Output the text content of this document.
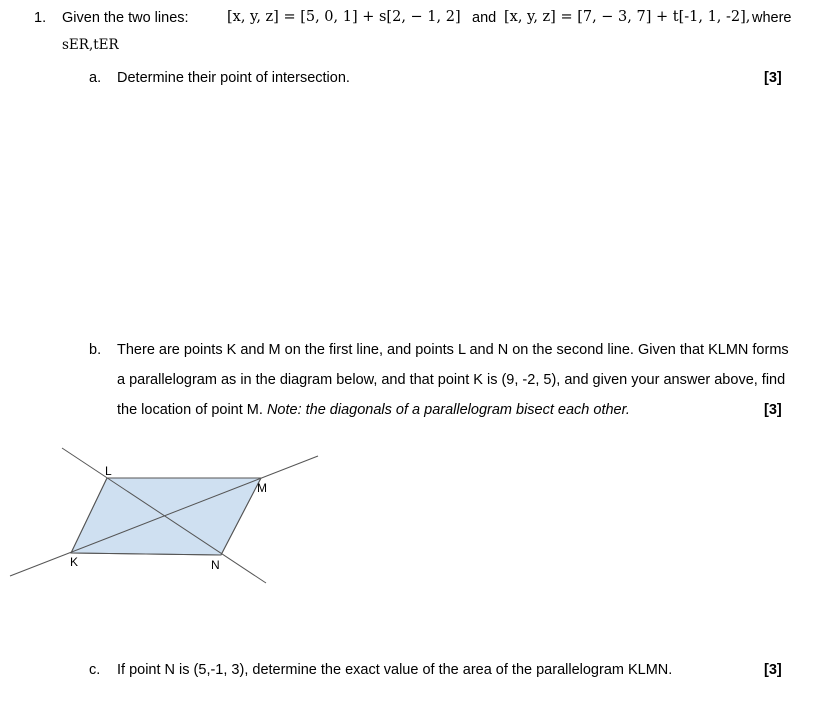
1. Given the two lines:	[x, y, z] = [5, 0, 1] + s[2, − 1, 2] and [x, y, z] = [7, − 3, 7] + t[-1, 1, -2], where
sER,tER
a. Determine their point of intersection.	[3]
b. There are points K and M on the first line, and points L and N on the second line. Given that KLMN forms
a parallelogram as in the diagram below, and that point K is (9, -2, 5), and given your answer above, find
the location of point M. Note: the diagonals of a parallelogram bisect each other.	[3]
L
M
N
K
c. If point N is (5,-1, 3), determine the exact value of the area of the parallelogram KLMN.	[3]
